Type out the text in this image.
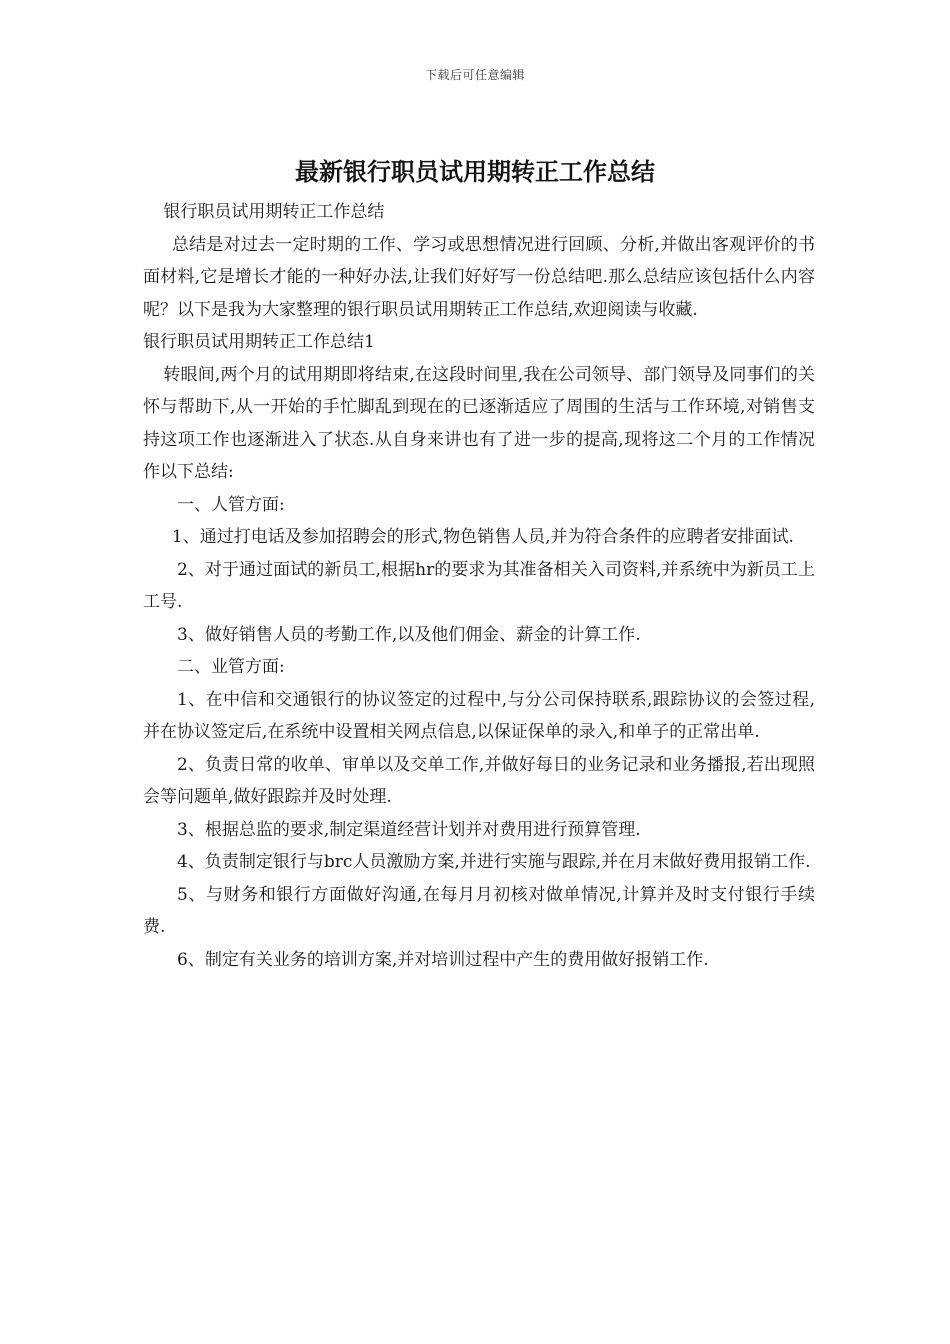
下载后可任意编辑
最新银行职员试用期转正工作总结

银行职员试用期转正工作总结

总结是对过去一定时期的工作、学习或思想情况进行回顾、分析,并做出客观评价的书面材料,它是增长才能的一种好办法,让我们好好写一份总结吧.那么总结应该包括什么内容呢？以下是我为大家整理的银行职员试用期转正工作总结,欢迎阅读与收藏.

银行职员试用期转正工作总结1

转眼间,两个月的试用期即将结束,在这段时间里,我在公司领导、部门领导及同事们的关怀与帮助下,从一开始的手忙脚乱到现在的已逐渐适应了周围的生活与工作环境,对销售支持这项工作也逐渐进入了状态.从自身来讲也有了进一步的提高,现将这二个月的工作情况作以下总结:

一、人管方面:

1、通过打电话及参加招聘会的形式,物色销售人员,并为符合条件的应聘者安排面试.

2、对于通过面试的新员工,根据hr的要求为其准备相关入司资料,并系统中为新员工上工号.

3、做好销售人员的考勤工作,以及他们佣金、薪金的计算工作.

二、业管方面:

1、在中信和交通银行的协议签定的过程中,与分公司保持联系,跟踪协议的会签过程,并在协议签定后,在系统中设置相关网点信息,以保证保单的录入,和单子的正常出单.

2、负责日常的收单、审单以及交单工作,并做好每日的业务记录和业务播报,若出现照会等问题单,做好跟踪并及时处理.

3、根据总监的要求,制定渠道经营计划并对费用进行预算管理.

4、负责制定银行与brc人员激励方案,并进行实施与跟踪,并在月末做好费用报销工作.

5、与财务和银行方面做好沟通,在每月月初核对做单情况,计算并及时支付银行手续费.

6、制定有关业务的培训方案,并对培训过程中产生的费用做好报销工作.
